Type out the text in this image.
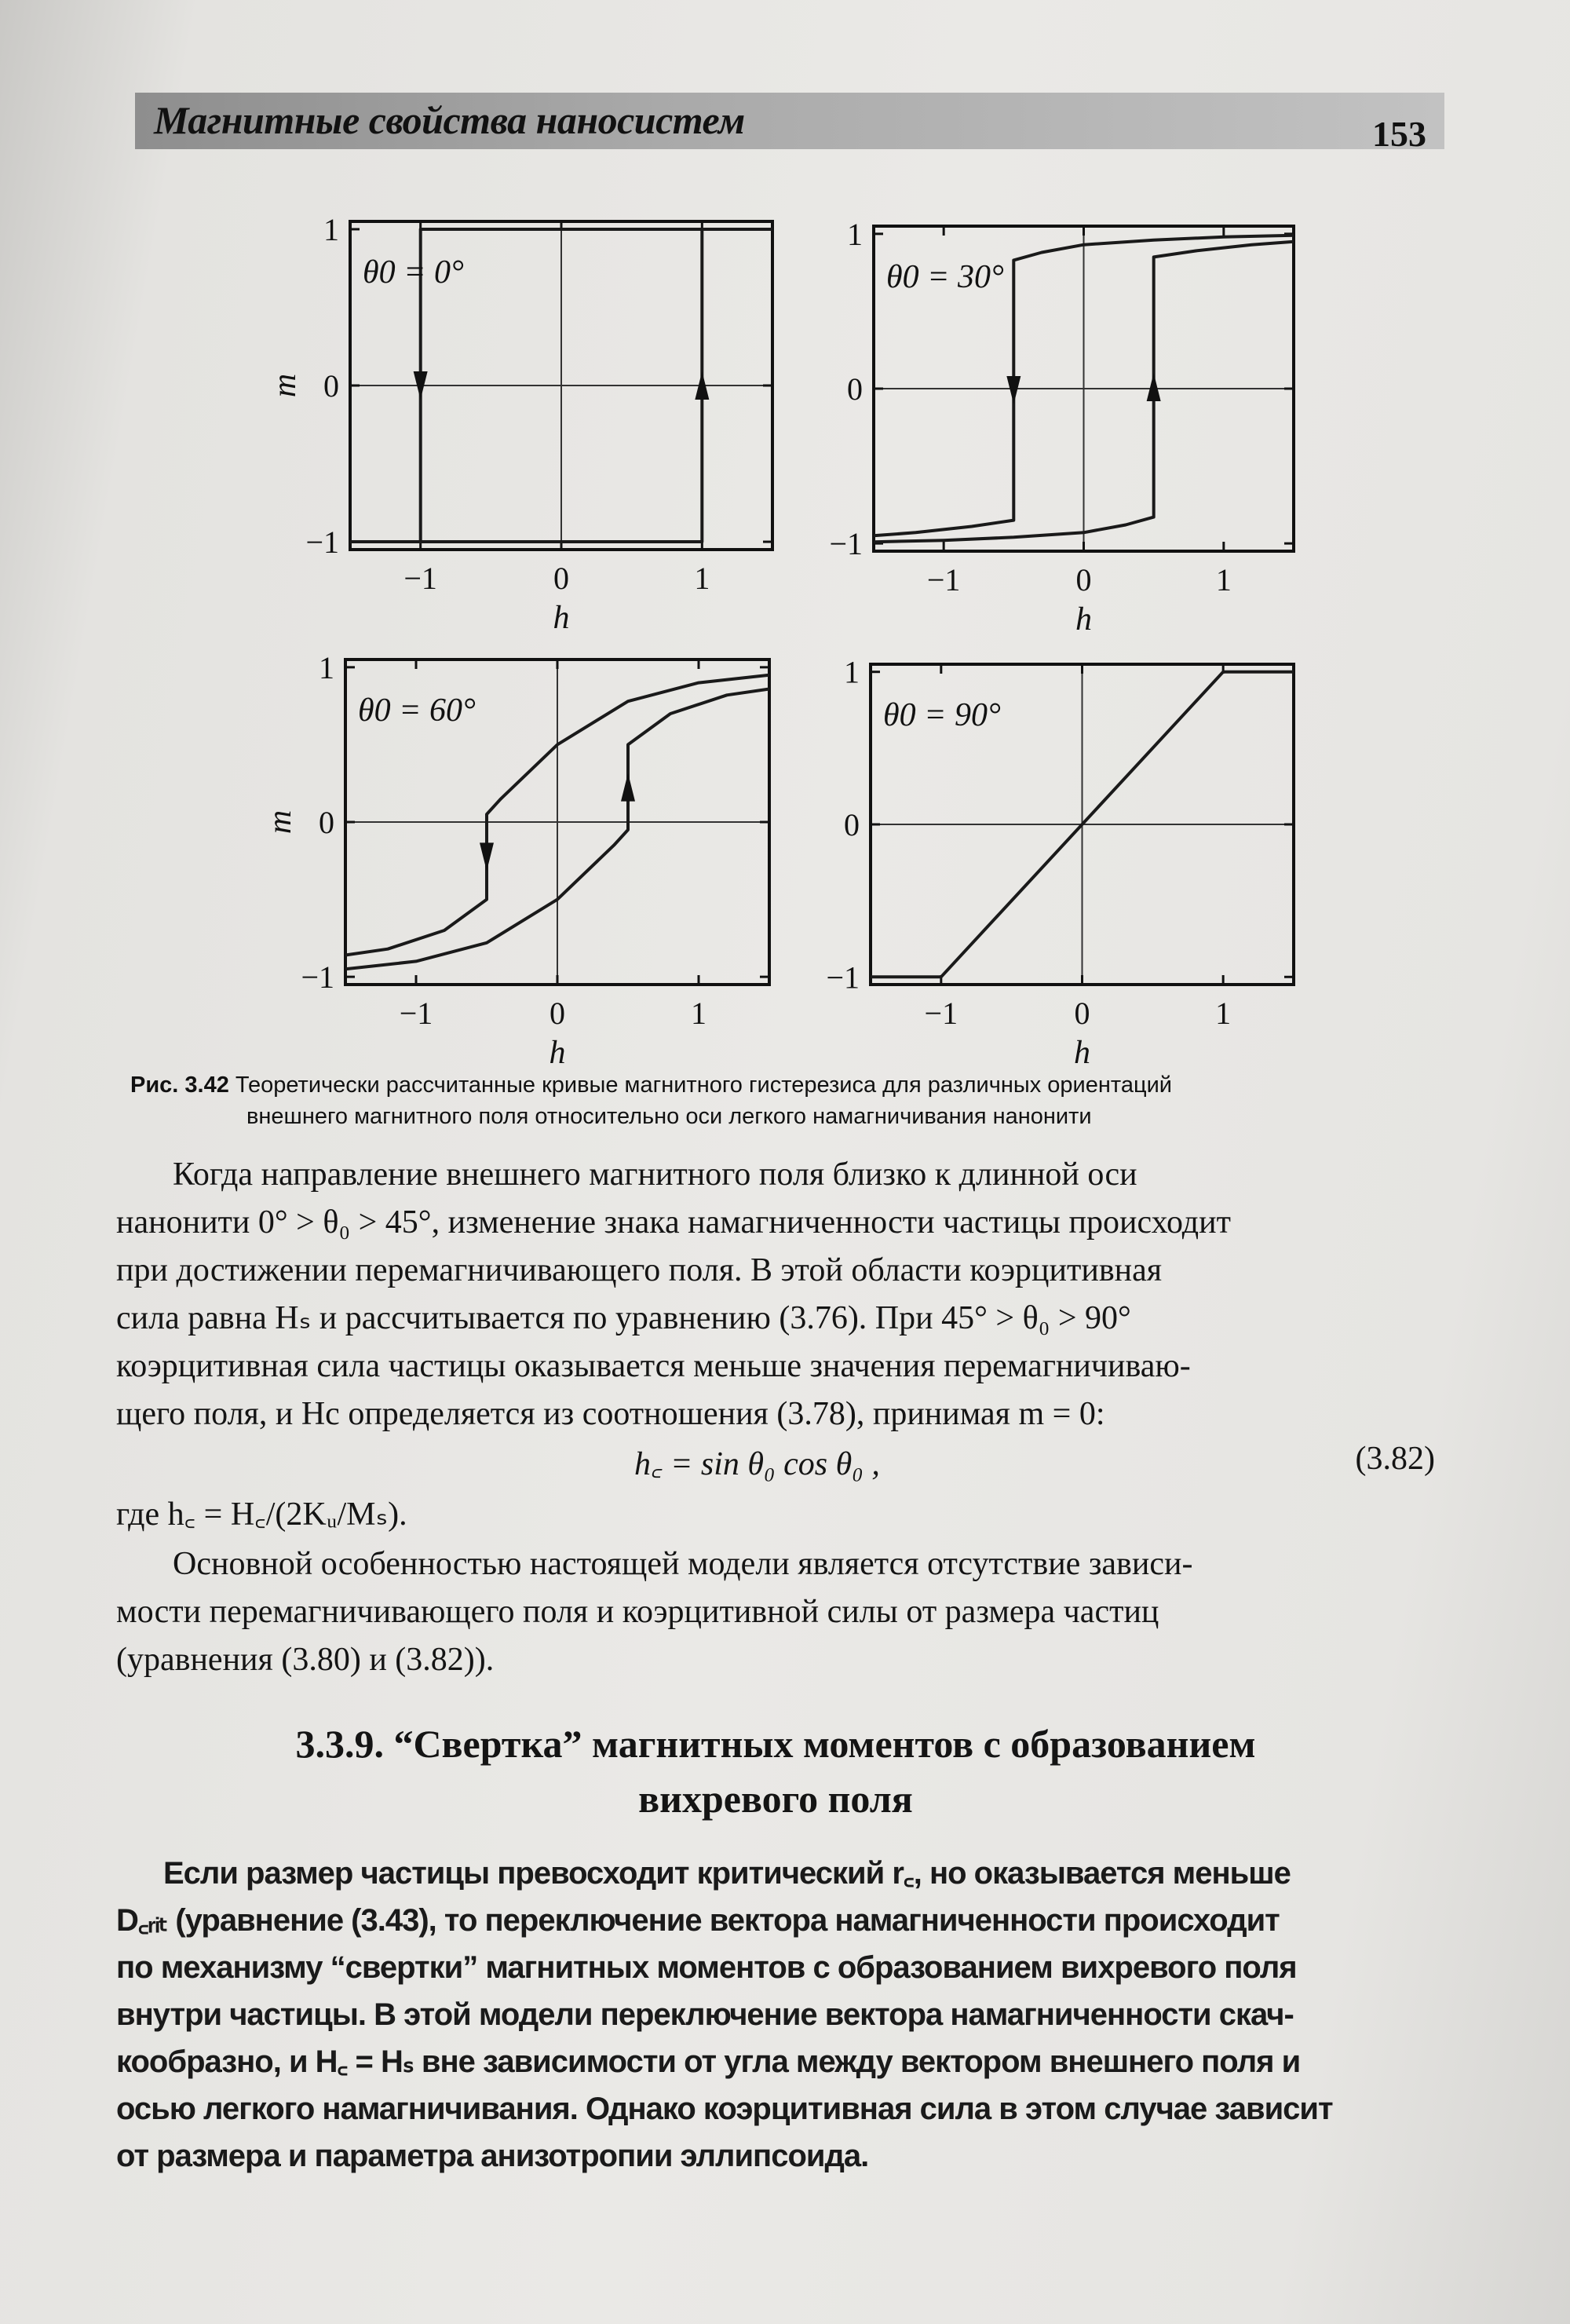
Магнитные свойства наносистем	153
θ0 = 0°
1
0
−1
−1	0	1
h
m
θ0 = 30°
1
0
−1
−1	0	1
h
θ0 = 60°
1
0
−1
−1	0	1
h
m
θ0 = 90°
1
0
−1
−1	0	1
h
Рис. 3.42 Теоретически рассчитанные кривые магнитного гистерезиса для различных ориентаций
внешнего магнитного поля относительно оси легкого намагничивания нанонити
Когда направление внешнего магнитного поля близко к длинной оси
нанонити 0° > θ₀ > 45°, изменение знака намагниченности частицы происходит
при достижении перемагничивающего поля. В этой области коэрцитивная
сила равна Hₛ и рассчитывается по уравнению (3.76). При 45° > θ₀ > 90°
коэрцитивная сила частицы оказывается меньше значения перемагничиваю-
щего поля, и Нс определяется из соотношения (3.78), принимая m = 0:
h꜀ = sin θ₀ cos θ₀ ,	(3.82)
где h꜀ = H꜀/(2Kᵤ/Mₛ).
Основной особенностью настоящей модели является отсутствие зависи-
мости перемагничивающего поля и коэрцитивной силы от размера частиц
(уравнения (3.80) и (3.82)).
3.3.9. “Свертка” магнитных моментов с образованием
вихревого поля
Если размер частицы превосходит критический r꜀, но оказывается меньше
D꜀ᵣᵢₜ (уравнение (3.43), то переключение вектора намагниченности происходит
по механизму “свертки” магнитных моментов с образованием вихревого поля
внутри частицы. В этой модели переключение вектора намагниченности скач-
кообразно, и H꜀ = Hₛ вне зависимости от угла между вектором внешнего поля и
осью легкого намагничивания. Однако коэрцитивная сила в этом случае зависит
от размера и параметра анизотропии эллипсоида.
